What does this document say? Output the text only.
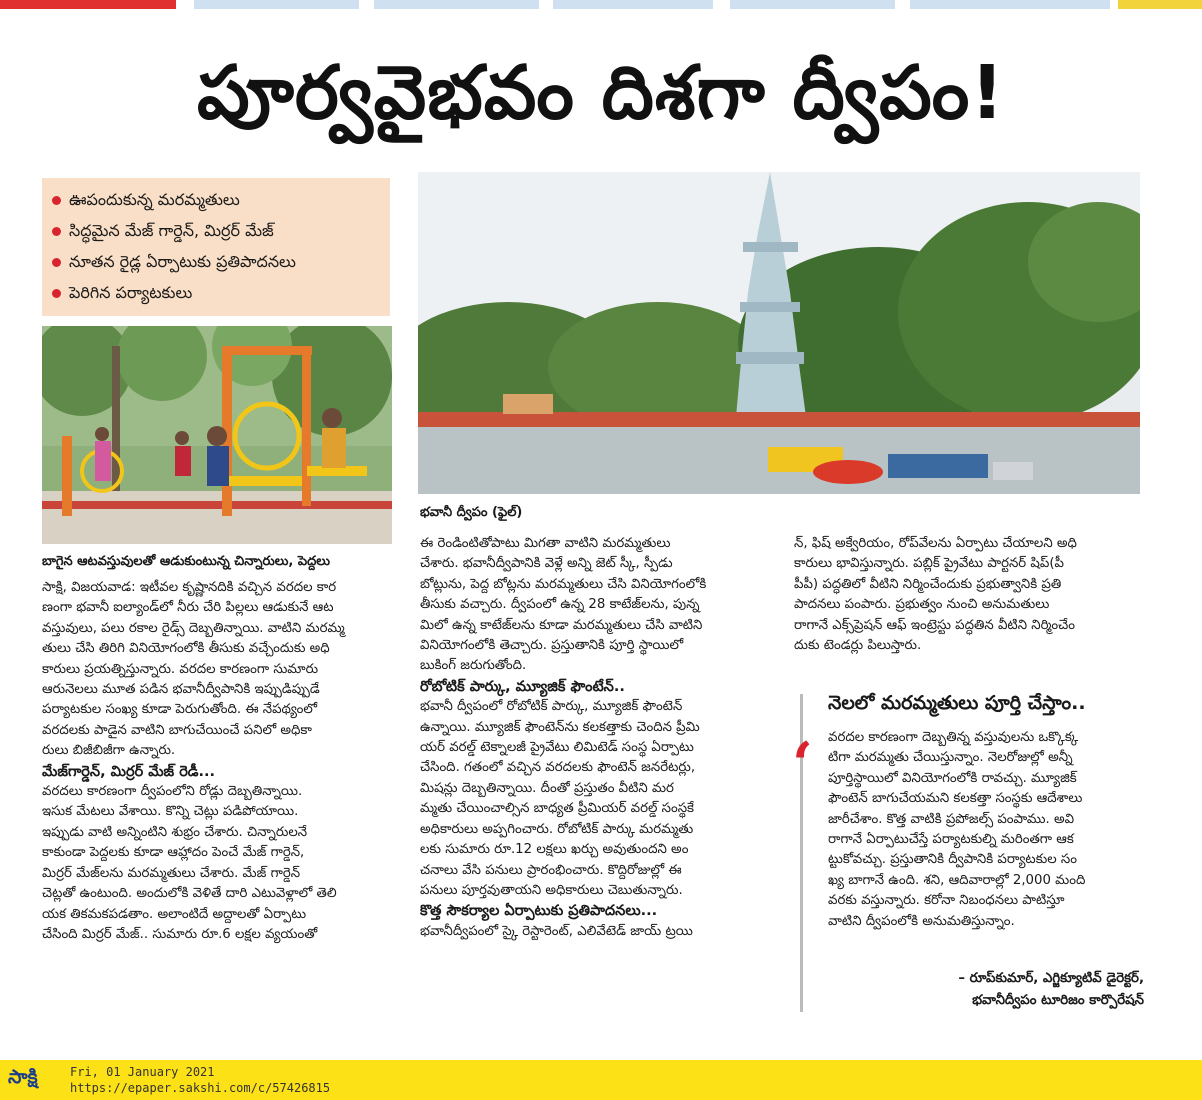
పూర్వవైభవం దిశగా ద్వీపం!
ఊపందుకున్న మరమ్మతులు
సిద్ధమైన మేజ్ గార్డెన్, మిర్రర్ మేజ్
నూతన రైడ్ల ఏర్పాటుకు ప్రతిపాదనలు
పెరిగిన పర్యాటకులు
బాగైన ఆటవస్తువులతో ఆడుకుంటున్న చిన్నారులు, పెద్దలు
భవానీ ద్వీపం (ఫైల్)

సాక్షి, విజయవాడ: ఇటీవల కృష్ణానదికి వచ్చిన వరదల కార

ణంగా భవానీ ఐల్యాండ్‌లో నీరు చేరి పిల్లలు ఆడుకునే ఆట

వస్తువులు, పలు రకాల రైడ్స్ దెబ్బతిన్నాయి. వాటిని మరమ్మ

తులు చేసి తిరిగి వినియోగంలోకి తీసుకు వచ్చేందుకు అధి

కారులు ప్రయత్నిస్తున్నారు. వరదల కారణంగా సుమారు

ఆరునెలలు మూత పడిన భవానీద్వీపానికి ఇప్పుడిప్పుడే

పర్యాటకుల సంఖ్య కూడా పెరుగుతోంది. ఈ నేపథ్యంలో

వరదలకు పాడైన వాటిని బాగుచేయించే పనిలో అధికా

రులు బిజీబిజీగా ఉన్నారు.

మేజ్‌గార్డెన్, మిర్రర్ మేజ్ రెడీ...

వరదలు కారణంగా ద్వీపంలోని రోడ్లు దెబ్బతిన్నాయి.

ఇసుక మేటలు వేశాయి. కొన్ని చెట్లు పడిపోయాయి.

ఇప్పుడు వాటి అన్నింటిని శుభ్రం చేశారు. చిన్నారులనే

కాకుండా పెద్దలకు కూడా ఆహ్లాదం పెంచే మేజ్ గార్డెన్,

మిర్రర్ మేజ్‌లను మరమ్మతులు చేశారు. మేజ్ గార్డెన్

చెట్లతో ఉంటుంది. అందులోకి వెళితే దారి ఎటువెళ్లాలో తెలి

యక తికమకపడతాం. అలాంటిదే అద్దాలతో ఏర్పాటు

చేసింది మిర్రర్ మేజ్.. సుమారు రూ.6 లక్షల వ్యయంతో

ఈ రెండింటితోపాటు మిగతా వాటిని మరమ్మతులు

చేశారు. భవానీద్వీపానికి వెళ్లే అన్ని జెట్ స్కీ, స్పీడు

బోట్లును, పెద్ద బోట్లను మరమ్మతులు చేసి వినియోగంలోకి

తీసుకు వచ్చారు. ద్వీపంలో ఉన్న 28 కాటేజ్‌లను, పున్న

మిలో ఉన్న కాటేజ్‌లను కూడా మరమ్మతులు చేసి వాటిని

వినియోగంలోకి తెచ్చారు. ప్రస్తుతానికి పూర్తి స్థాయిలో

బుకింగ్ జరుగుతోంది.

రోబోటిక్ పార్కు, మ్యూజిక్ ఫౌంటేన్..

భవానీ ద్వీపంలో రోబోటిక్ పార్కు, మ్యూజిక్ ఫౌంటెన్

ఉన్నాయి. మ్యూజిక్ ఫౌంటెన్‌ను కలకత్తాకు చెందిన ప్రీమి

యర్ వరల్డ్ టెక్నాలజీ ప్రైవేటు లిమిటెడ్ సంస్థ ఏర్పాటు

చేసింది. గతంలో వచ్చిన వరదలకు ఫౌంటెన్ జనరేటర్లు,

మిషన్లు దెబ్బతిన్నాయి. దీంతో ప్రస్తుతం వీటిని మర

మ్మతు చేయించాల్సిన బాధ్యత ప్రీమియర్ వరల్డ్ సంస్థకే

అధికారులు అప్పగించారు. రోబోటిక్ పార్కు మరమ్మతు

లకు సుమారు రూ.12 లక్షలు ఖర్చు అవుతుందని అం

చనాలు వేసి పనులు ప్రారంభించారు. కొద్దిరోజుల్లో ఈ

పనులు పూర్తవుతాయని అధికారులు చెబుతున్నారు.

కొత్త సౌకర్యాల ఏర్పాటుకు ప్రతిపాదనలు...

భవానీద్వీపంలో స్కై రెస్టారెంట్, ఎలివేటెడ్ జాయ్ ట్రయి

న్, ఫిష్ అక్వేరియం, రోప్‌వేలను ఏర్పాటు చేయాలని అధి

కారులు భావిస్తున్నారు. పబ్లిక్ ప్రైవేటు పార్టనర్ షిప్(పీ

పీపీ) పద్ధతిలో వీటిని నిర్మించేందుకు ప్రభుత్వానికి ప్రతి

పాదనలు పంపారు. ప్రభుత్వం నుంచి అనుమతులు

రాగానే ఎక్స్‌ప్రెషన్ ఆఫ్ ఇంట్రెస్టు పద్ధతిన వీటిని నిర్మించేం

దుకు టెండర్లు పిలుస్తారు.

నెలలో మరమ్మతులు పూర్తి చేస్తాం..
‘ వరదల కారణంగా దెబ్బతిన్న వస్తువులను ఒక్కొక్క

టిగా మరమ్మతు చేయిస్తున్నాం. నెలరోజుల్లో అన్నీ

పూర్తిస్థాయిలో వినియోగంలోకి రావచ్చు. మ్యూజిక్

ఫౌంటెన్ బాగుచేయమని కలకత్తా సంస్థకు ఆదేశాలు

జారీచేశాం. కొత్త వాటికి ప్రపోజల్స్ పంపాము. అవి

రాగానే ఏర్పాటుచేస్తే పర్యాటకుల్ని మరింతగా ఆక

ట్టుకోవచ్చు. ప్రస్తుతానికి ద్వీపానికి పర్యాటకుల సం

ఖ్య బాగానే ఉంది. శని, ఆదివారాల్లో 2,000 మంది

వరకు వస్తున్నారు. కరోనా నిబంధనలు పాటిస్తూ

వాటిని ద్వీపంలోకి అనుమతిస్తున్నాం.

– రూప్‌కుమార్, ఎగ్జిక్యూటివ్ డైరెక్టర్,
భవానీద్వీపం టూరిజం కార్పొరేషన్
సాక్షి	Fri, 01 January 2021
https://epaper.sakshi.com/c/57426815
